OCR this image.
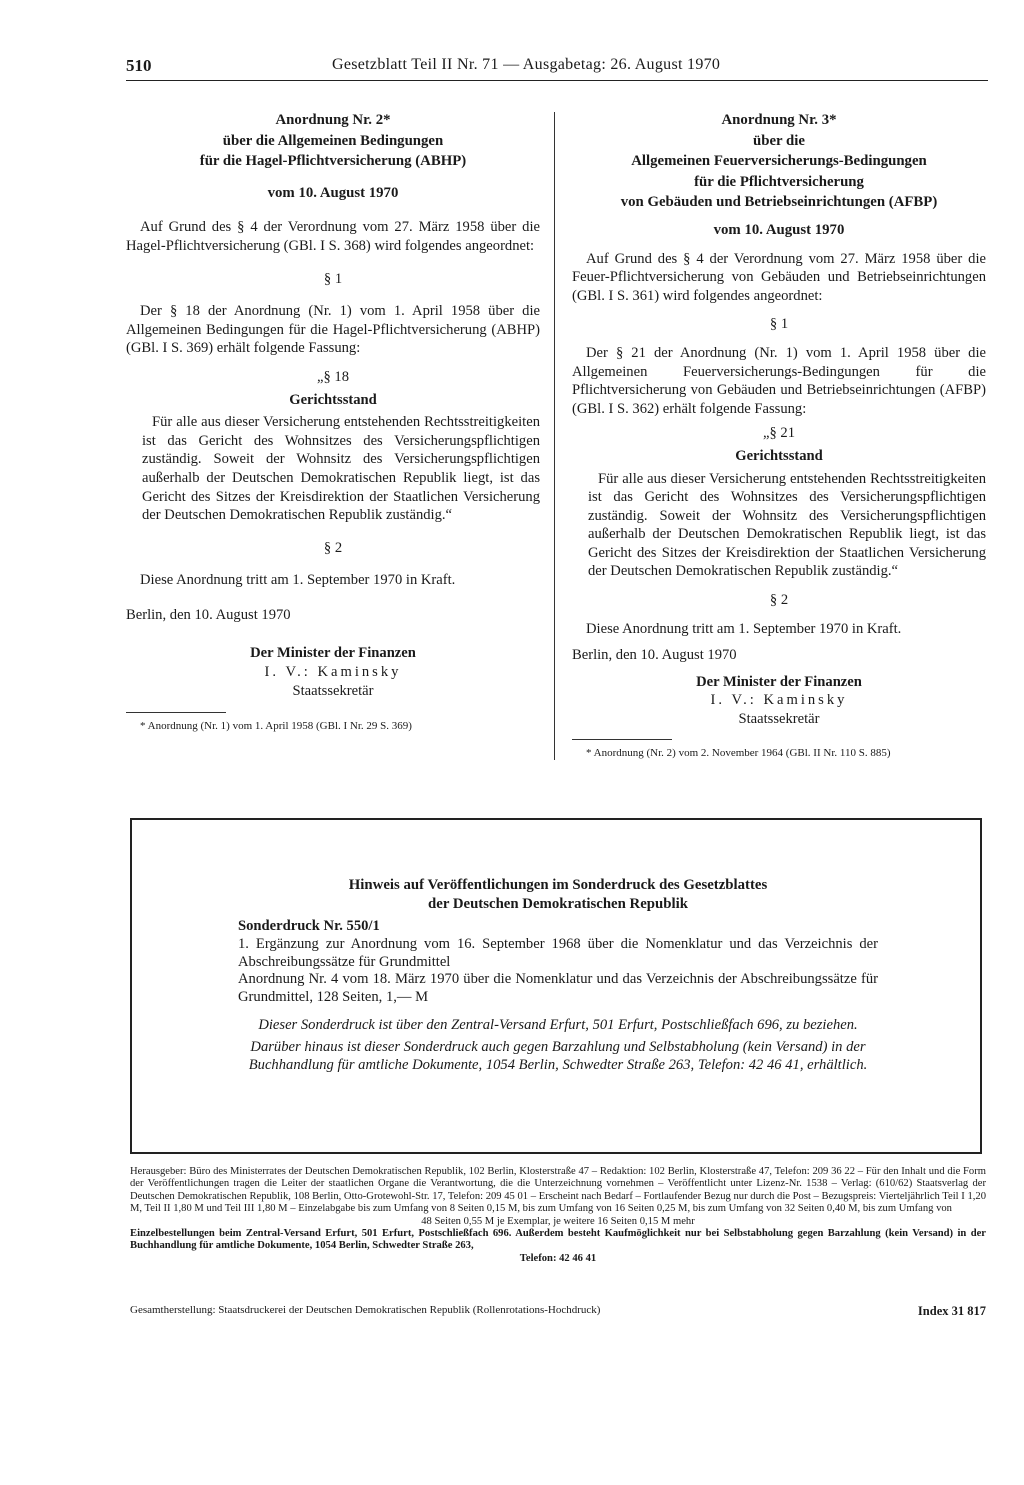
510	Gesetzblatt Teil II Nr. 71 — Ausgabetag: 26. August 1970
Anordnung Nr. 2*
über die Allgemeinen Bedingungen
für die Hagel-Pflichtversicherung (ABHP)
vom 10. August 1970

Auf Grund des § 4 der Verordnung vom 27. März 1958 über die Hagel-Pflichtversicherung (GBl. I S. 368) wird folgendes angeordnet:

§ 1

Der § 18 der Anordnung (Nr. 1) vom 1. April 1958 über die Allgemeinen Bedingungen für die Hagel-Pflichtversicherung (ABHP) (GBl. I S. 369) erhält folgende Fassung:

„§ 18
Gerichtsstand

Für alle aus dieser Versicherung entstehenden Rechtsstreitigkeiten ist das Gericht des Wohnsitzes des Versicherungspflichtigen zuständig. Soweit der Wohnsitz des Versicherungspflichtigen außerhalb der Deutschen Demokratischen Republik liegt, ist das Gericht des Sitzes der Kreisdirektion der Staatlichen Versicherung der Deutschen Demokratischen Republik zuständig.“

§ 2

Diese Anordnung tritt am 1. September 1970 in Kraft.

Berlin, den 10. August 1970
Der Minister der Finanzen
I. V.: Kaminsky
Staatssekretär
* Anordnung (Nr. 1) vom 1. April 1958 (GBl. I Nr. 29 S. 369)
Anordnung Nr. 3*
über die
Allgemeinen Feuerversicherungs-Bedingungen
für die Pflichtversicherung
von Gebäuden und Betriebseinrichtungen (AFBP)
vom 10. August 1970

Auf Grund des § 4 der Verordnung vom 27. März 1958 über die Feuer-Pflichtversicherung von Gebäuden und Betriebseinrichtungen (GBl. I S. 361) wird folgendes angeordnet:

§ 1

Der § 21 der Anordnung (Nr. 1) vom 1. April 1958 über die Allgemeinen Feuerversicherungs-Bedingungen für die Pflichtversicherung von Gebäuden und Betriebseinrichtungen (AFBP) (GBl. I S. 362) erhält folgende Fassung:

„§ 21
Gerichtsstand

Für alle aus dieser Versicherung entstehenden Rechtsstreitigkeiten ist das Gericht des Wohnsitzes des Versicherungspflichtigen zuständig. Soweit der Wohnsitz des Versicherungspflichtigen außerhalb der Deutschen Demokratischen Republik liegt, ist das Gericht des Sitzes der Kreisdirektion der Staatlichen Versicherung der Deutschen Demokratischen Republik zuständig.“

§ 2

Diese Anordnung tritt am 1. September 1970 in Kraft.

Berlin, den 10. August 1970
Der Minister der Finanzen
I. V.: Kaminsky
Staatssekretär
* Anordnung (Nr. 2) vom 2. November 1964 (GBl. II Nr. 110 S. 885)
Hinweis auf Veröffentlichungen im Sonderdruck des Gesetzblattes
der Deutschen Demokratischen Republik
Sonderdruck Nr. 550/1

1. Ergänzung zur Anordnung vom 16. September 1968 über die Nomenklatur und das Verzeichnis der Abschreibungssätze für Grundmittel

Anordnung Nr. 4 vom 18. März 1970 über die Nomenklatur und das Verzeichnis der Abschreibungssätze für Grundmittel, 128 Seiten, 1,— M

Dieser Sonderdruck ist über den Zentral-Versand Erfurt, 501 Erfurt, Postschließfach 696, zu beziehen.
Darüber hinaus ist dieser Sonderdruck auch gegen Barzahlung und Selbstabholung (kein Versand) in der Buchhandlung für amtliche Dokumente, 1054 Berlin, Schwedter Straße 263, Telefon: 42 46 41, erhältlich.

Herausgeber: Büro des Ministerrates der Deutschen Demokratischen Republik, 102 Berlin, Klosterstraße 47 – Redaktion: 102 Berlin, Klosterstraße 47, Telefon: 209 36 22 – Für den Inhalt und die Form der Veröffentlichungen tragen die Leiter der staatlichen Organe die Verantwortung, die die Unterzeichnung vornehmen – Veröffentlicht unter Lizenz-Nr. 1538 – Verlag: (610/62) Staatsverlag der Deutschen Demokratischen Republik, 108 Berlin, Otto-Grotewohl-Str. 17, Telefon: 209 45 01 – Erscheint nach Bedarf – Fortlaufender Bezug nur durch die Post – Bezugspreis: Vierteljährlich Teil I 1,20 M, Teil II 1,80 M und Teil III 1,80 M – Einzelabgabe bis zum Umfang von 8 Seiten 0,15 M, bis zum Umfang von 16 Seiten 0,25 M, bis zum Umfang von 32 Seiten 0,40 M, bis zum Umfang von

48 Seiten 0,55 M je Exemplar, je weitere 16 Seiten 0,15 M mehr

Einzelbestellungen beim Zentral-Versand Erfurt, 501 Erfurt, Postschließfach 696. Außerdem besteht Kaufmöglichkeit nur bei Selbstabholung gegen Barzahlung (kein Versand) in der Buchhandlung für amtliche Dokumente, 1054 Berlin, Schwedter Straße 263,

Telefon: 42 46 41

Index 31 817
Gesamtherstellung: Staatsdruckerei der Deutschen Demokratischen Republik (Rollenrotations-Hochdruck)
